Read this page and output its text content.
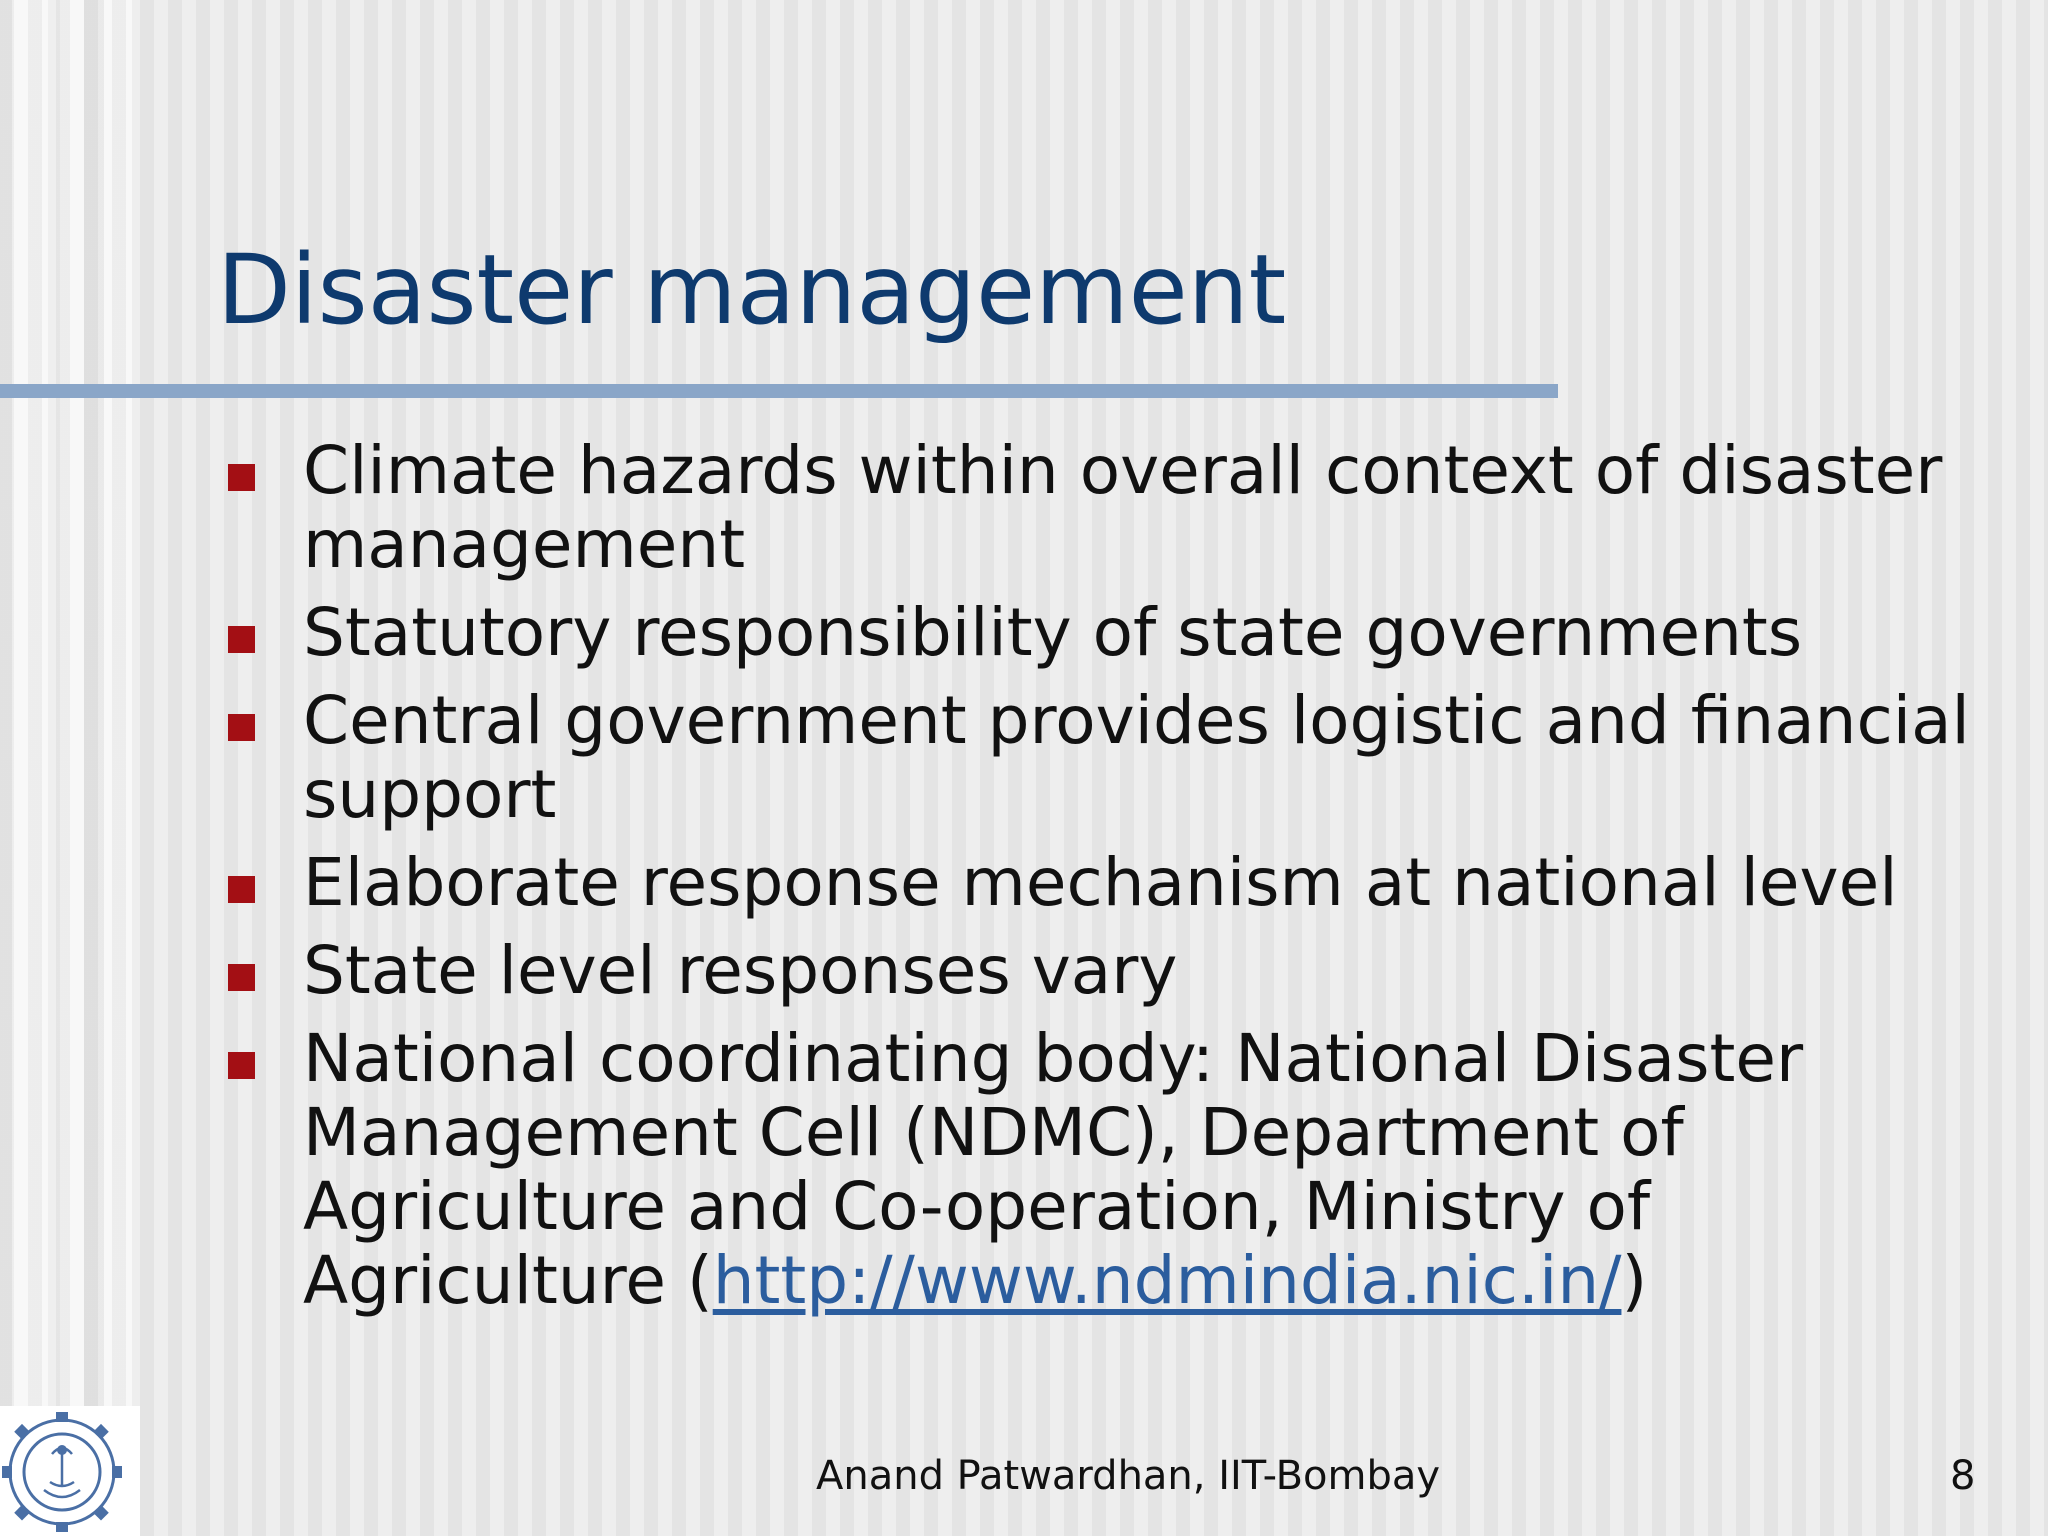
Disaster management
Climate hazards within overall context of disaster management
Statutory responsibility of state governments
Central government provides logistic and financial support
Elaborate response mechanism at national level
State level responses vary
National coordinating body: National Disaster Management Cell (NDMC), Department of Agriculture and Co-operation, Ministry of Agriculture (http://www.ndmindia.nic.in/)
Anand Patwardhan, IIT-Bombay	8
